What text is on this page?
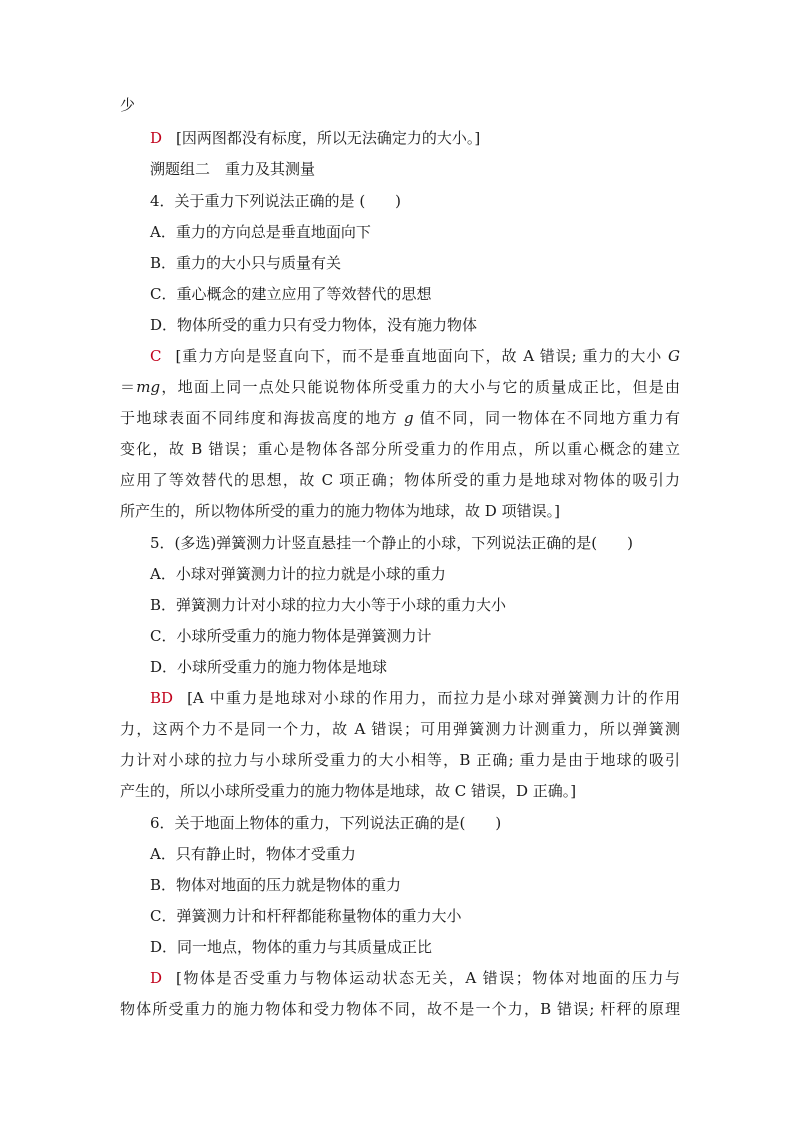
少
D [因两图都没有标度，所以无法确定力的大小。]
溯题组二　重力及其测量
4．关于重力下列说法正确的是 (　　)
A．重力的方向总是垂直地面向下
B．重力的大小只与质量有关
C．重心概念的建立应用了等效替代的思想
D．物体所受的重力只有受力物体，没有施力物体
C [重力方向是竖直向下，而不是垂直地面向下，故 A 错误; 重力的大小 G
＝mg，地面上同一点处只能说物体所受重力的大小与它的质量成正比，但是由
于地球表面不同纬度和海拔高度的地方 g 值不同，同一物体在不同地方重力有
变化，故 B 错误；重心是物体各部分所受重力的作用点，所以重心概念的建立
应用了等效替代的思想，故 C 项正确；物体所受的重力是地球对物体的吸引力
所产生的，所以物体所受的重力的施力物体为地球，故 D 项错误。]
5．(多选)弹簧测力计竖直悬挂一个静止的小球，下列说法正确的是(　　)
A．小球对弹簧测力计的拉力就是小球的重力
B．弹簧测力计对小球的拉力大小等于小球的重力大小
C．小球所受重力的施力物体是弹簧测力计
D．小球所受重力的施力物体是地球
BD [A 中重力是地球对小球的作用力，而拉力是小球对弹簧测力计的作用
力，这两个力不是同一个力，故 A 错误；可用弹簧测力计测重力，所以弹簧测
力计对小球的拉力与小球所受重力的大小相等，B 正确; 重力是由于地球的吸引
产生的，所以小球所受重力的施力物体是地球，故 C 错误，D 正确。]
6．关于地面上物体的重力，下列说法正确的是(　　)
A．只有静止时，物体才受重力
B．物体对地面的压力就是物体的重力
C．弹簧测力计和杆秤都能称量物体的重力大小
D．同一地点，物体的重力与其质量成正比
D [物体是否受重力与物体运动状态无关，A 错误；物体对地面的压力与
物体所受重力的施力物体和受力物体不同，故不是一个力，B 错误; 杆秤的原理
